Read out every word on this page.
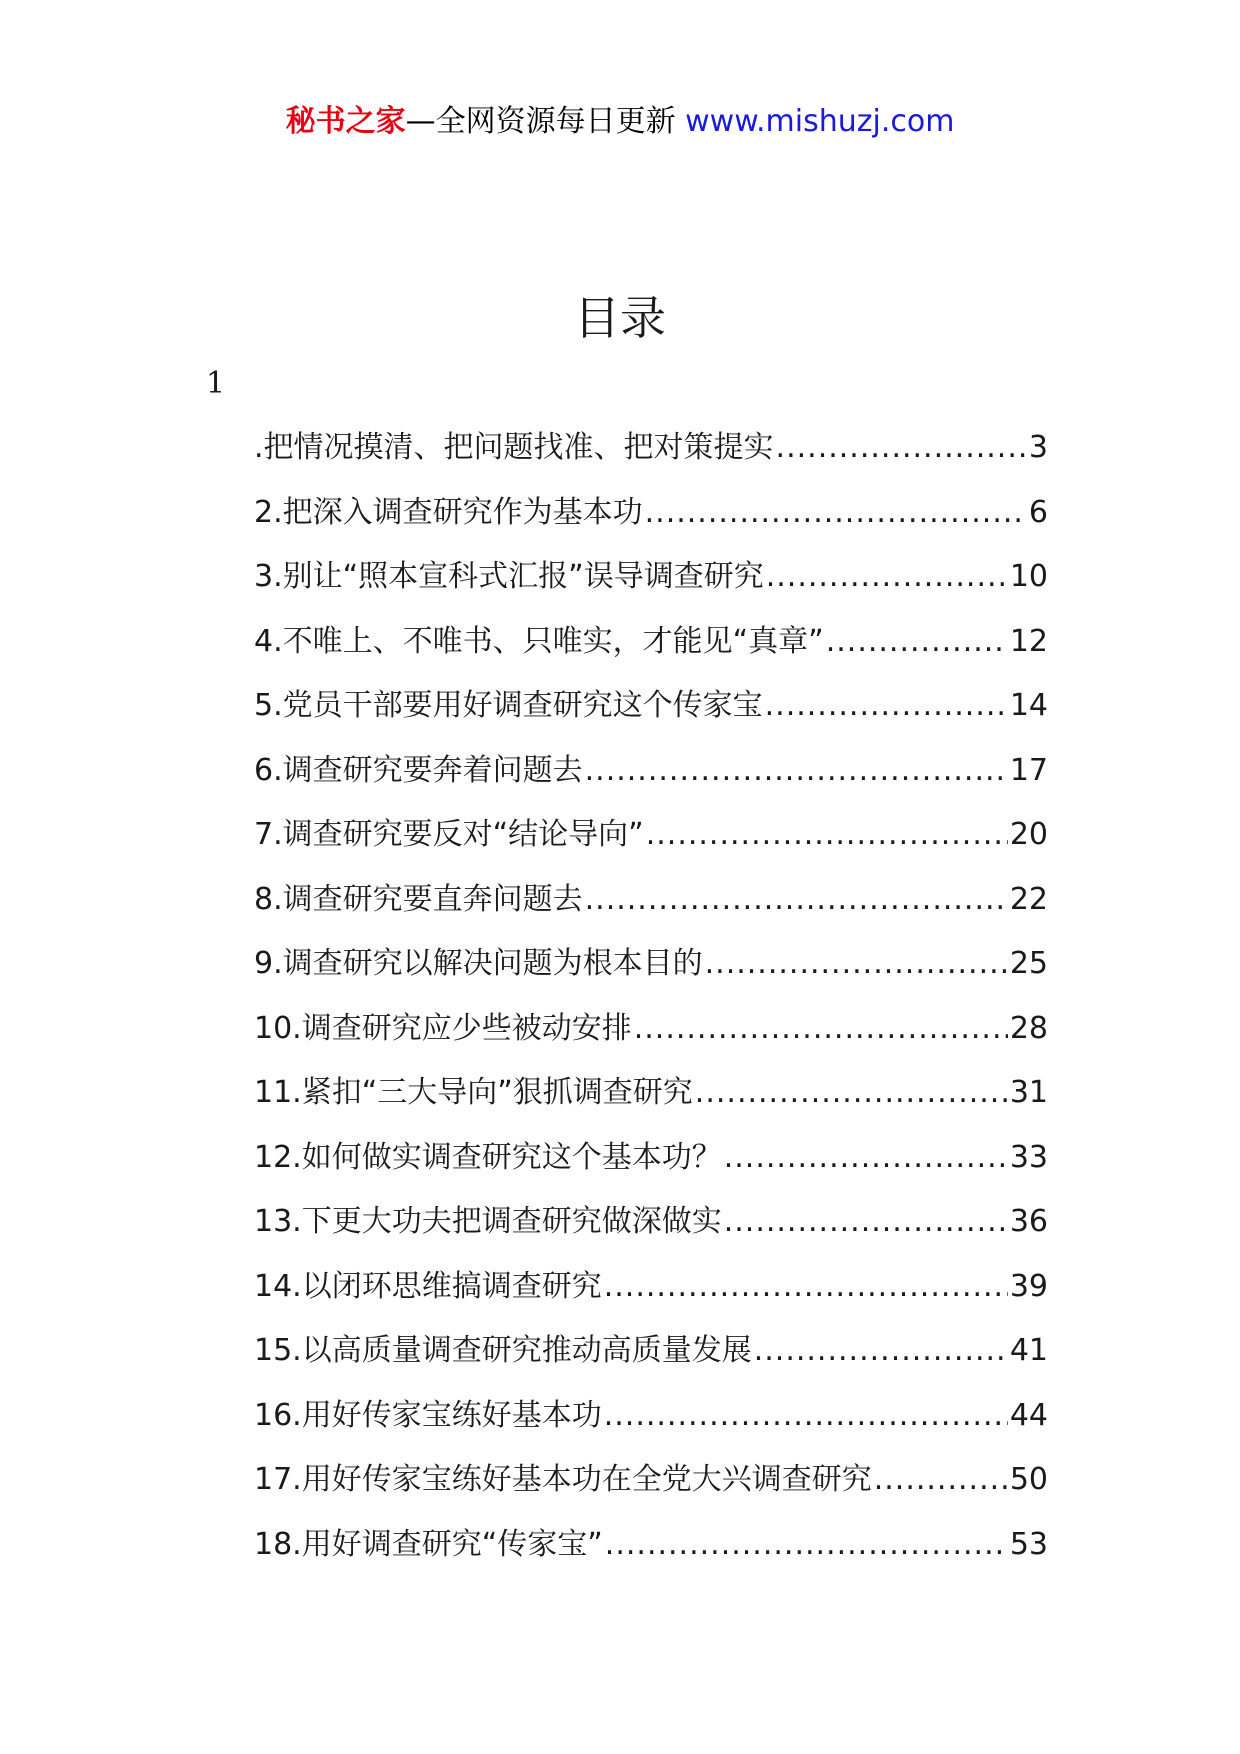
秘书之家—全网资源每日更新 www.mishuzj.com
目录
1
.把情况摸清、把问题找准、把对策提实 .....	3
2.把深入调查研究作为基本功 .....	6
3.别让“照本宣科式汇报”误导调查研究 .....	10
4.不唯上、不唯书、只唯实，才能见“真章” .....	12
5.党员干部要用好调查研究这个传家宝 .....	14
6.调查研究要奔着问题去 .....	17
7.调查研究要反对“结论导向” .....	20
8.调查研究要直奔问题去 .....	22
9.调查研究以解决问题为根本目的 .....	25
10.调查研究应少些被动安排 .....	28
11.紧扣“三大导向”狠抓调查研究 .....	31
12.如何做实调查研究这个基本功？ .....	33
13.下更大功夫把调查研究做深做实 .....	36
14.以闭环思维搞调查研究 .....	39
15.以高质量调查研究推动高质量发展 .....	41
16.用好传家宝练好基本功 .....	44
17.用好传家宝练好基本功在全党大兴调查研究 .....	50
18.用好调查研究“传家宝” .....	53
